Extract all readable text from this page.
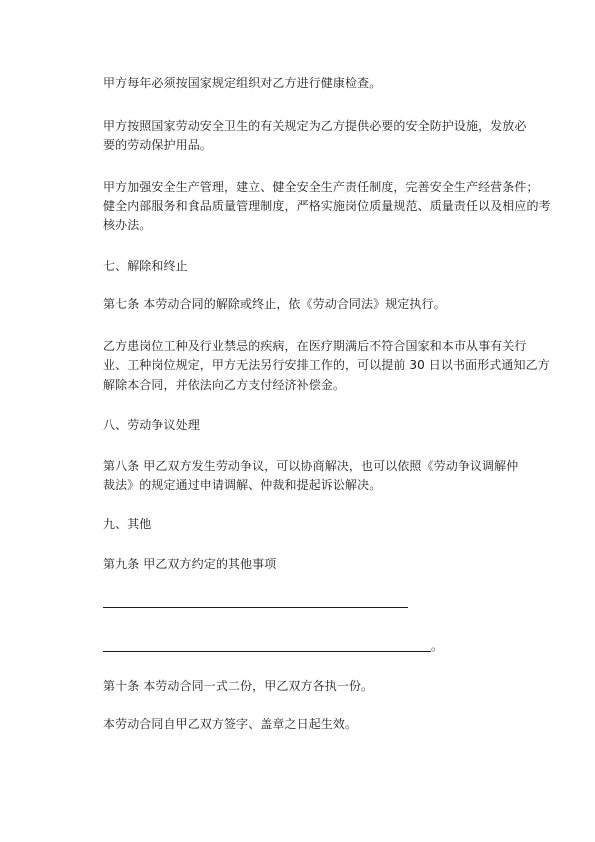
甲方每年必须按国家规定组织对乙方进行健康检查。
甲方按照国家劳动安全卫生的有关规定为乙方提供必要的安全防护设施，发放必
要的劳动保护用品。
甲方加强安全生产管理，建立、健全安全生产责任制度，完善安全生产经营条件；
健全内部服务和食品质量管理制度，严格实施岗位质量规范、质量责任以及相应的考
核办法。
七、解除和终止
第七条 本劳动合同的解除或终止，依《劳动合同法》规定执行。
乙方患岗位工种及行业禁忌的疾病，在医疗期满后不符合国家和本市从事有关行
业、工种岗位规定，甲方无法另行安排工作的，可以提前 30 日以书面形式通知乙方
解除本合同，并依法向乙方支付经济补偿金。
八、劳动争议处理
第八条 甲乙双方发生劳动争议，可以协商解决，也可以依照《劳动争议调解仲
裁法》的规定通过申请调解、仲裁和提起诉讼解决。
九、其他
第九条 甲乙双方约定的其他事项
。
第十条 本劳动合同一式二份，甲乙双方各执一份。
本劳动合同自甲乙双方签字、盖章之日起生效。
